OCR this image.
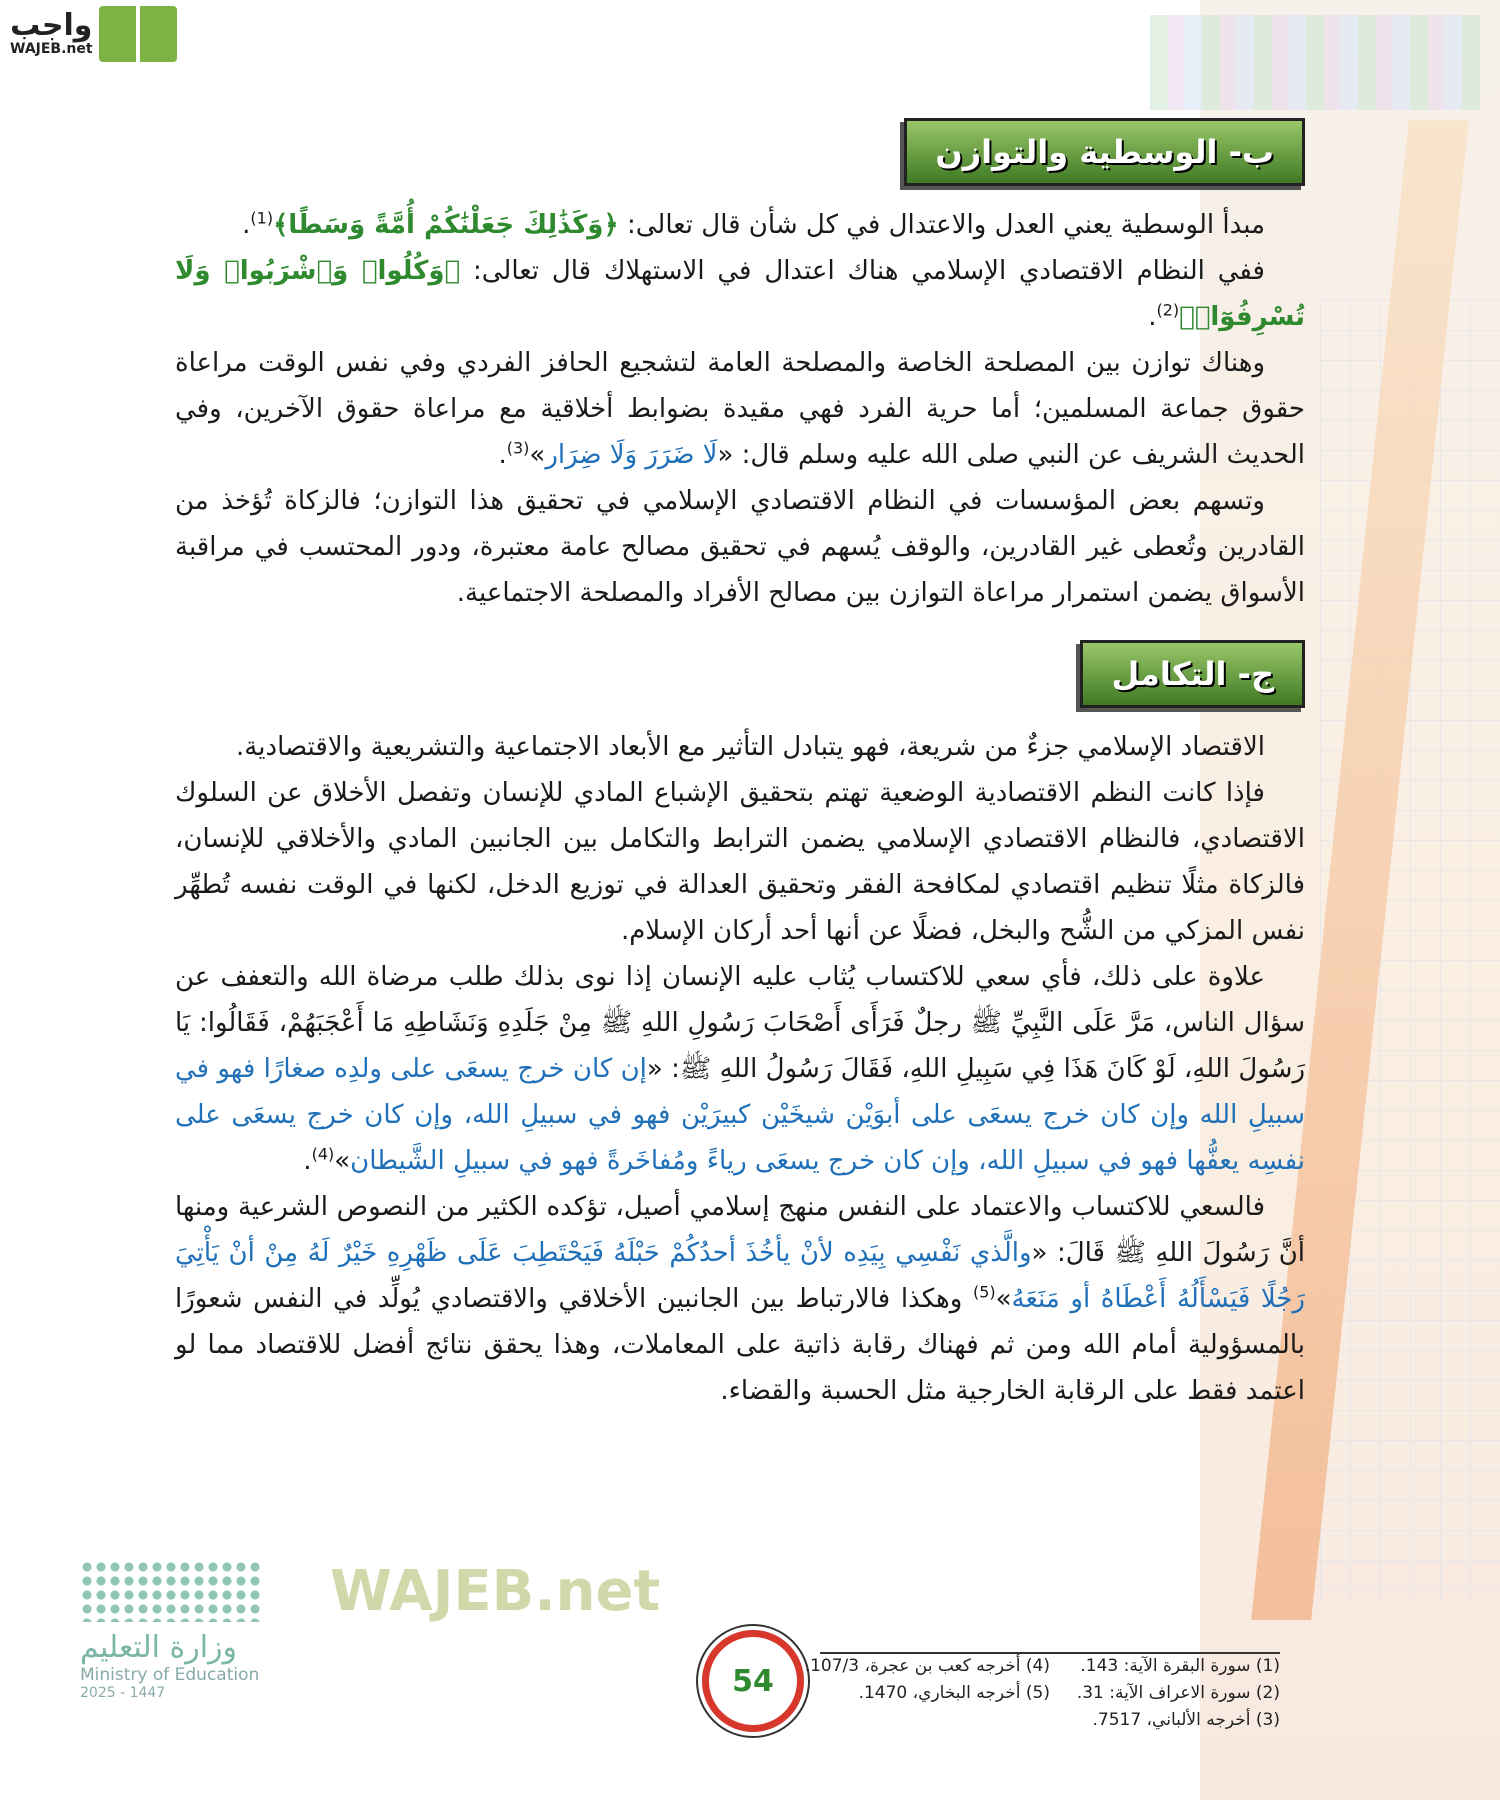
واجب
WAJEB.net
ب- الوسطية والتوازن

مبدأ الوسطية يعني العدل والاعتدال في كل شأن قال تعالى: ﴿وَكَذَٰلِكَ جَعَلْنَٰكُمْ أُمَّةً وَسَطًا﴾$^{(1)}$.

ففي النظام الاقتصادي الإسلامي هناك اعتدال في الاستهلاك قال تعالى: ﴿وَكُلُوا۟ وَٱشْرَبُوا۟ وَلَا تُسْرِفُوٓا۟﴾$^{(2)}$.

وهناك توازن بين المصلحة الخاصة والمصلحة العامة لتشجيع الحافز الفردي وفي نفس الوقت مراعاة حقوق جماعة المسلمين؛ أما حرية الفرد فهي مقيدة بضوابط أخلاقية مع مراعاة حقوق الآخرين، وفي الحديث الشريف عن النبي صلى الله عليه وسلم قال: «لَا ضَرَرَ وَلَا ضِرَار»$^{(3)}$.

وتسهم بعض المؤسسات في النظام الاقتصادي الإسلامي في تحقيق هذا التوازن؛ فالزكاة تُؤخذ من القادرين وتُعطى غير القادرين، والوقف يُسهم في تحقيق مصالح عامة معتبرة، ودور المحتسب في مراقبة الأسواق يضمن استمرار مراعاة التوازن بين مصالح الأفراد والمصلحة الاجتماعية.

ج- التكامل

الاقتصاد الإسلامي جزءٌ من شريعة، فهو يتبادل التأثير مع الأبعاد الاجتماعية والتشريعية والاقتصادية.

فإذا كانت النظم الاقتصادية الوضعية تهتم بتحقيق الإشباع المادي للإنسان وتفصل الأخلاق عن السلوك الاقتصادي، فالنظام الاقتصادي الإسلامي يضمن الترابط والتكامل بين الجانبين المادي والأخلاقي للإنسان، فالزكاة مثلًا تنظيم اقتصادي لمكافحة الفقر وتحقيق العدالة في توزيع الدخل، لكنها في الوقت نفسه تُطهِّر نفس المزكي من الشُّح والبخل، فضلًا عن أنها أحد أركان الإسلام.

علاوة على ذلك، فأي سعي للاكتساب يُثاب عليه الإنسان إذا نوى بذلك طلب مرضاة الله والتعفف عن سؤال الناس، مَرَّ عَلَى النَّبِيِّ ﷺ رجلٌ فَرَأَى أَصْحَابَ رَسُولِ اللهِ ﷺ مِنْ جَلَدِهِ وَنَشَاطِهِ مَا أَعْجَبَهُمْ، فَقَالُوا: يَا رَسُولَ اللهِ، لَوْ كَانَ هَذَا فِي سَبِيلِ اللهِ، فَقَالَ رَسُولُ اللهِ ﷺ: «إن كان خرج يسعَى على ولدِه صغارًا فهو في سبيلِ الله وإن كان خرج يسعَى على أبوَيْن شيخَيْن كبيرَيْن فهو في سبيلِ الله، وإن كان خرج يسعَى على نفسِه يعفُّها فهو في سبيلِ الله، وإن كان خرج يسعَى رياءً ومُفاخَرةً فهو في سبيلِ الشَّيطان»$^{(4)}$.

فالسعي للاكتساب والاعتماد على النفس منهج إسلامي أصيل، تؤكده الكثير من النصوص الشرعية ومنها أنَّ رَسُولَ اللهِ ﷺ قَالَ: «والَّذي نَفْسِي بِيَدِه لأنْ يأخُذَ أحدُكُمْ حَبْلَهُ فَيَحْتَطِبَ عَلَى ظَهْرِهِ خَيْرٌ لَهُ مِنْ أنْ يَأْتِيَ رَجُلًا فَيَسْأَلُهُ أَعْطَاهُ أو مَنَعَهُ»$^{(5)}$ وهكذا فالارتباط بين الجانبين الأخلاقي والاقتصادي يُولِّد في النفس شعورًا بالمسؤولية أمام الله ومن ثم فهناك رقابة ذاتية على المعاملات، وهذا يحقق نتائج أفضل للاقتصاد مما لو اعتمد فقط على الرقابة الخارجية مثل الحسبة والقضاء.

WAJEB.net
54	(1) سورة البقرة الآية: 143.
(2) سورة الاعراف الآية: 31.
(3) أخرجه الألباني، 7517.
(4) أخرجه كعب بن عجرة، 107/3.
(5) أخرجه البخاري، 1470.
وزارة التعليم
Ministry of Education
2025 - 1447
